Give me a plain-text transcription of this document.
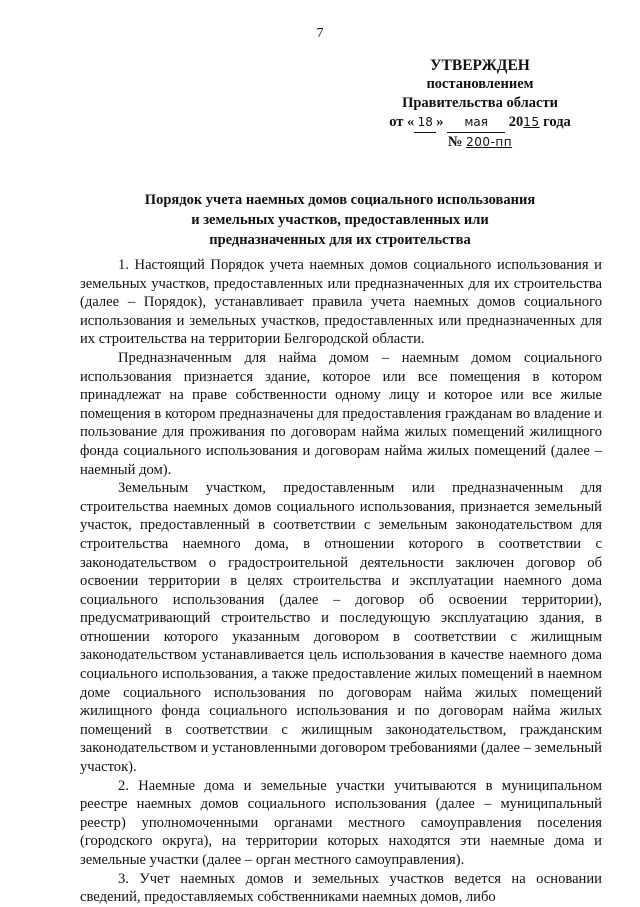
7
УТВЕРЖДЕН
постановлением
Правительства области
от « 18 » мая 2015 года
№ 200-пп
Порядок учета наемных домов социального использования
и земельных участков, предоставленных или
предназначенных для их строительства

1. Настоящий Порядок учета наемных домов социального использования и земельных участков, предоставленных или предназначенных для их строительства (далее – Порядок), устанавливает правила учета наемных домов социального использования и земельных участков, предоставленных или предназначенных для их строительства на территории Белгородской области.

Предназначенным для найма домом – наемным домом социального использования признается здание, которое или все помещения в котором принадлежат на праве собственности одному лицу и которое или все жилые помещения в котором предназначены для предоставления гражданам во владение и пользование для проживания по договорам найма жилых помещений жилищного фонда социального использования и договорам найма жилых помещений (далее – наемный дом).

Земельным участком, предоставленным или предназначенным для строительства наемных домов социального использования, признается земельный участок, предоставленный в соответствии с земельным законодательством для строительства наемного дома, в отношении которого в соответствии с законодательством о градостроительной деятельности заключен договор об освоении территории в целях строительства и эксплуатации наемного дома социального использования (далее – договор об освоении территории), предусматривающий строительство и последующую эксплуатацию здания, в отношении которого указанным договором в соответствии с жилищным законодательством устанавливается цель использования в качестве наемного дома социального использования, а также предоставление жилых помещений в наемном доме социального использования по договорам найма жилых помещений жилищного фонда социального использования и по договорам найма жилых помещений в соответствии с жилищным законодательством, гражданским законодательством и установленными договором требованиями (далее – земельный участок).

2. Наемные дома и земельные участки учитываются в муниципальном реестре наемных домов социального использования (далее – муниципальный реестр) уполномоченными органами местного самоуправления поселения (городского округа), на территории которых находятся эти наемные дома и земельные участки (далее – орган местного самоуправления).

3. Учет наемных домов и земельных участков ведется на основании сведений, предоставляемых собственниками наемных домов, либо
